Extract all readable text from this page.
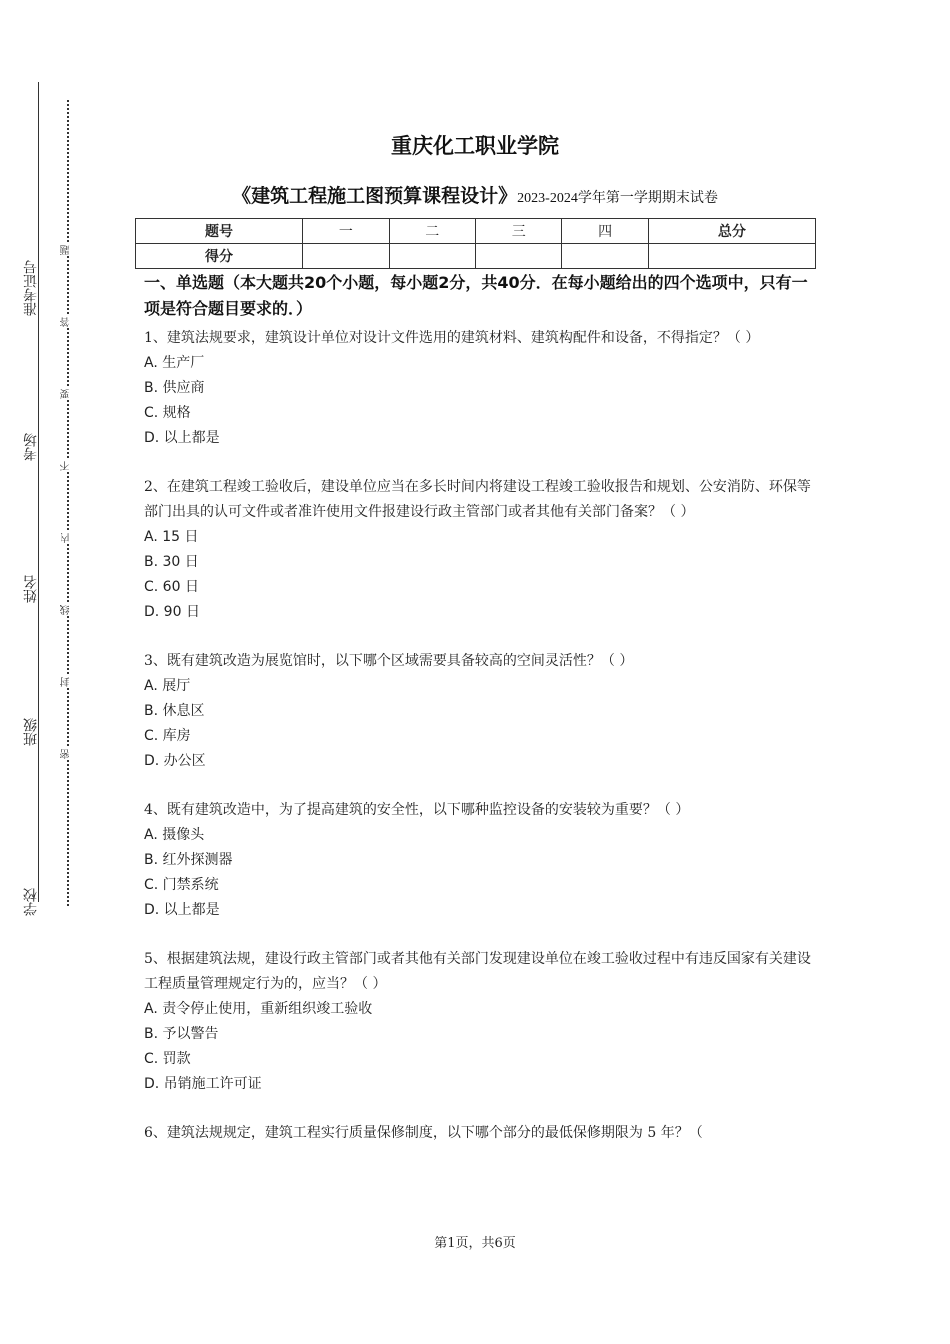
准考证号
考场
姓名
班级
学校
题
答
要
不
内
线
封
密
重庆化工职业学院
《建筑工程施工图预算课程设计》2023-2024学年第一学期期末试卷
题号	一	二	三	四	总分
得分					
一、单选题（本大题共20个小题，每小题2分，共40分．在每小题给出的四个选项中，只有一项是符合题目要求的．）

1、建筑法规要求，建筑设计单位对设计文件选用的建筑材料、建筑构配件和设备，不得指定？（ ）

A. 生产厂

B. 供应商

C. 规格

D. 以上都是

2、在建筑工程竣工验收后，建设单位应当在多长时间内将建设工程竣工验收报告和规划、公安消防、环保等部门出具的认可文件或者准许使用文件报建设行政主管部门或者其他有关部门备案？（ ）

A. 15 日

B. 30 日

C. 60 日

D. 90 日

3、既有建筑改造为展览馆时，以下哪个区域需要具备较高的空间灵活性？（ ）

A. 展厅

B. 休息区

C. 库房

D. 办公区

4、既有建筑改造中，为了提高建筑的安全性，以下哪种监控设备的安装较为重要？（ ）

A. 摄像头

B. 红外探测器

C. 门禁系统

D. 以上都是

5、根据建筑法规，建设行政主管部门或者其他有关部门发现建设单位在竣工验收过程中有违反国家有关建设工程质量管理规定行为的，应当？（ ）

A. 责令停止使用，重新组织竣工验收

B. 予以警告

C. 罚款

D. 吊销施工许可证

6、建筑法规规定，建筑工程实行质量保修制度，以下哪个部分的最低保修期限为 5 年？（

第1页，共6页
